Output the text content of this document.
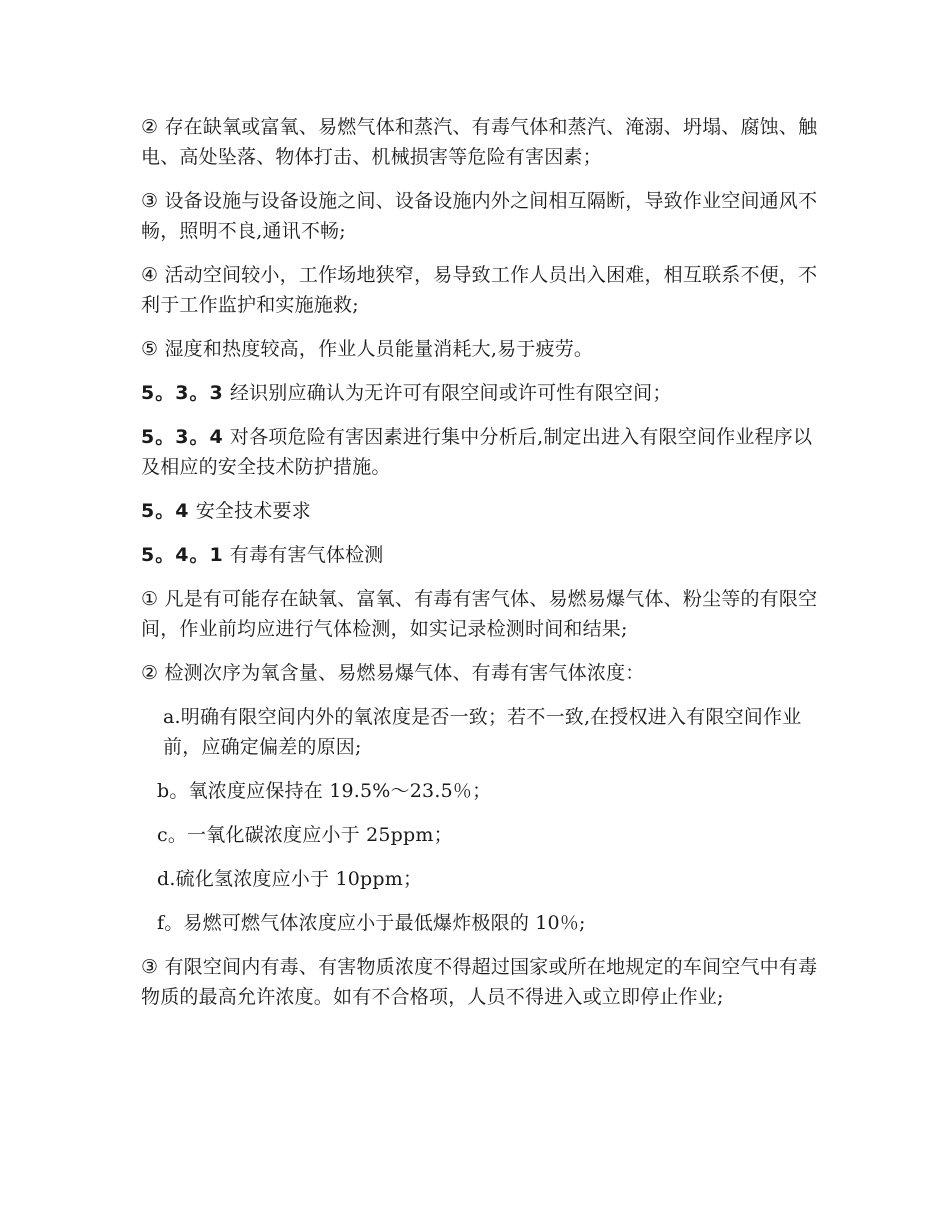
② 存在缺氧或富氧、易燃气体和蒸汽、有毒气体和蒸汽、淹溺、坍塌、腐蚀、触电、高处坠落、物体打击、机械损害等危险有害因素；

③ 设备设施与设备设施之间、设备设施内外之间相互隔断，导致作业空间通风不畅，照明不良,通讯不畅;

④ 活动空间较小，工作场地狭窄，易导致工作人员出入困难，相互联系不便，不利于工作监护和实施施救;

⑤ 湿度和热度较高，作业人员能量消耗大,易于疲劳。

5。3。3 经识别应确认为无许可有限空间或许可性有限空间；

5。3。4 对各项危险有害因素进行集中分析后,制定出进入有限空间作业程序以及相应的安全技术防护措施。

5。4 安全技术要求

5。4。1 有毒有害气体检测

① 凡是有可能存在缺氧、富氧、有毒有害气体、易燃易爆气体、粉尘等的有限空间，作业前均应进行气体检测，如实记录检测时间和结果;

② 检测次序为氧含量、易燃易爆气体、有毒有害气体浓度：

a.明确有限空间内外的氧浓度是否一致；若不一致,在授权进入有限空间作业前，应确定偏差的原因;

b。氧浓度应保持在 19.5%～23.5％；

c。一氧化碳浓度应小于 25ppm；

d.硫化氢浓度应小于 10ppm；

f。易燃可燃气体浓度应小于最低爆炸极限的 10％;

③ 有限空间内有毒、有害物质浓度不得超过国家或所在地规定的车间空气中有毒物质的最高允许浓度。如有不合格项，人员不得进入或立即停止作业;
